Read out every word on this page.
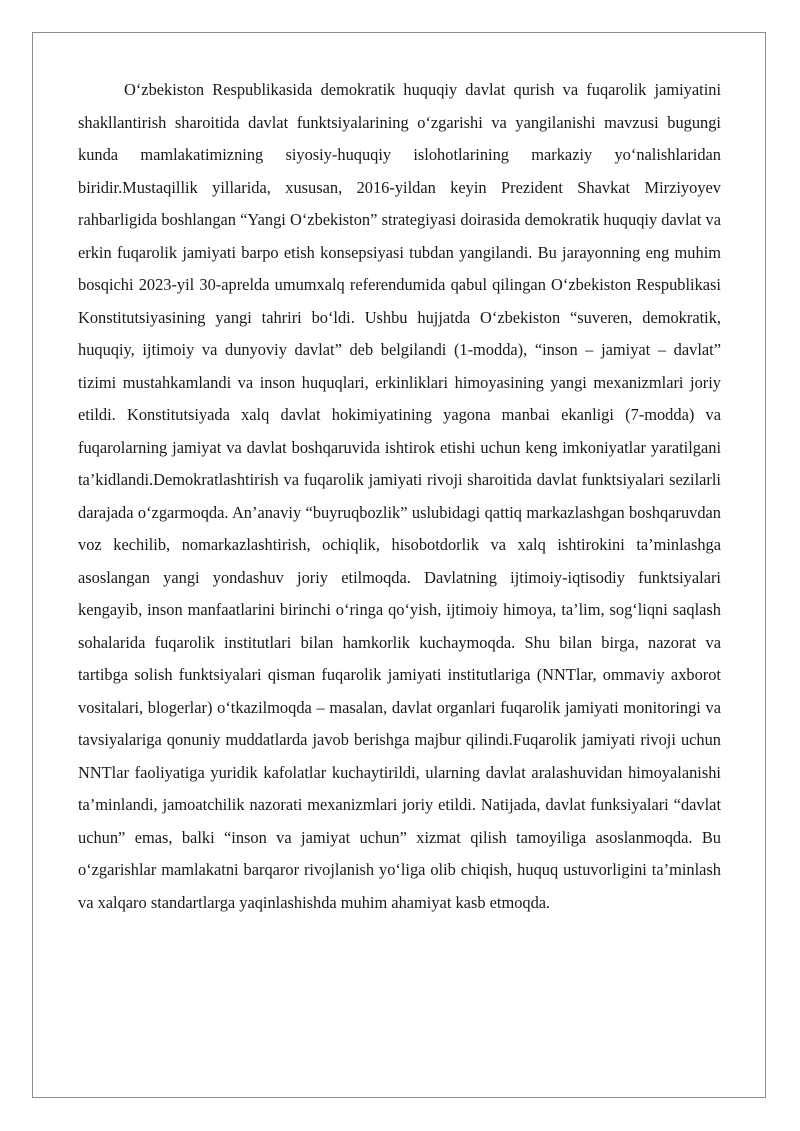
O‘zbekiston Respublikasida demokratik huquqiy davlat qurish va fuqarolik jamiyatini shakllantirish sharoitida davlat funktsiyalarining o‘zgarishi va yangilanishi mavzusi bugungi kunda mamlakatimizning siyosiy-huquqiy islohotlarining markaziy yo‘nalishlaridan biridir.Mustaqillik yillarida, xususan, 2016-yildan keyin Prezident Shavkat Mirziyoyev rahbarligida boshlangan “Yangi O‘zbekiston” strategiyasi doirasida demokratik huquqiy davlat va erkin fuqarolik jamiyati barpo etish konsepsiyasi tubdan yangilandi. Bu jarayonning eng muhim bosqichi 2023-yil 30-aprelda umumxalq referendumida qabul qilingan O‘zbekiston Respublikasi Konstitutsiyasining yangi tahriri bo‘ldi. Ushbu hujjatda O‘zbekiston “suveren, demokratik, huquqiy, ijtimoiy va dunyoviy davlat” deb belgilandi (1-modda), “inson – jamiyat – davlat” tizimi mustahkamlandi va inson huquqlari, erkinliklari himoyasining yangi mexanizmlari joriy etildi. Konstitutsiyada xalq davlat hokimiyatining yagona manbai ekanligi (7-modda) va fuqarolarning jamiyat va davlat boshqaruvida ishtirok etishi uchun keng imkoniyatlar yaratilgani ta’kidlandi.Demokratlashtirish va fuqarolik jamiyati rivoji sharoitida davlat funktsiyalari sezilarli darajada o‘zgarmoqda. An’anaviy “buyruqbozlik” uslubidagi qattiq markazlashgan boshqaruvdan voz kechilib, nomarkazlashtirish, ochiqlik, hisobotdorlik va xalq ishtirokini ta’minlashga asoslangan yangi yondashuv joriy etilmoqda. Davlatning ijtimoiy-iqtisodiy funktsiyalari kengayib, inson manfaatlarini birinchi o‘ringa qo‘yish, ijtimoiy himoya, ta’lim, sog‘liqni saqlash sohalarida fuqarolik institutlari bilan hamkorlik kuchaymoqda. Shu bilan birga, nazorat va tartibga solish funktsiyalari qisman fuqarolik jamiyati institutlariga (NNTlar, ommaviy axborot vositalari, blogerlar) o‘tkazilmoqda – masalan, davlat organlari fuqarolik jamiyati monitoringi va tavsiyalariga qonuniy muddatlarda javob berishga majbur qilindi.Fuqarolik jamiyati rivoji uchun NNTlar faoliyatiga yuridik kafolatlar kuchaytirildi, ularning davlat aralashuvidan himoyalanishi ta’minlandi, jamoatchilik nazorati mexanizmlari joriy etildi. Natijada, davlat funksiyalari “davlat uchun” emas, balki “inson va jamiyat uchun” xizmat qilish tamoyiliga asoslanmoqda. Bu o‘zgarishlar mamlakatni barqaror rivojlanish yo‘liga olib chiqish, huquq ustuvorligini ta’minlash va xalqaro standartlarga yaqinlashishda muhim ahamiyat kasb etmoqda.
